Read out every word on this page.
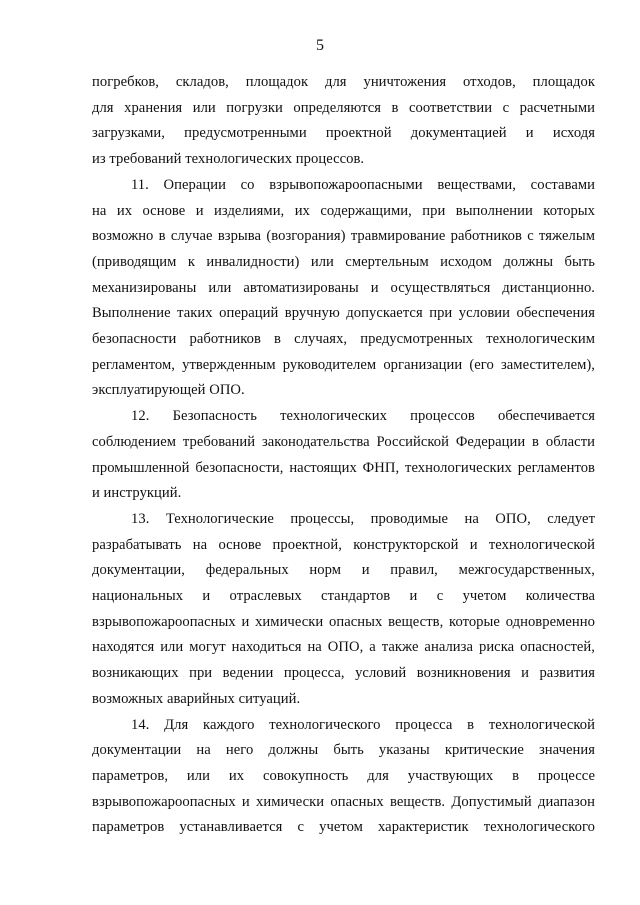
5
погребков, складов, площадок для уничтожения отходов, площадок
для хранения или погрузки определяются в соответствии с расчетными
загрузками, предусмотренными проектной документацией и исходя
из требований технологических процессов.
11. Операции со взрывопожароопасными веществами, составами
на их основе и изделиями, их содержащими, при выполнении которых
возможно в случае взрыва (возгорания) травмирование работников с тяжелым
(приводящим к инвалидности) или смертельным исходом должны быть
механизированы или автоматизированы и осуществляться дистанционно.
Выполнение таких операций вручную допускается при условии обеспечения
безопасности работников в случаях, предусмотренных технологическим
регламентом, утвержденным руководителем организации (его заместителем),
эксплуатирующей ОПО.
12. Безопасность технологических процессов обеспечивается
соблюдением требований законодательства Российской Федерации в области
промышленной безопасности, настоящих ФНП, технологических регламентов
и инструкций.
13. Технологические процессы, проводимые на ОПО, следует
разрабатывать на основе проектной, конструкторской и технологической
документации, федеральных норм и правил, межгосударственных,
национальных и отраслевых стандартов и с учетом количества
взрывопожароопасных и химически опасных веществ, которые одновременно
находятся или могут находиться на ОПО, а также анализа риска опасностей,
возникающих при ведении процесса, условий возникновения и развития
возможных аварийных ситуаций.
14. Для каждого технологического процесса в технологической
документации на него должны быть указаны критические значения
параметров, или их совокупность для участвующих в процессе
взрывопожароопасных и химически опасных веществ. Допустимый диапазон
параметров устанавливается с учетом характеристик технологического
